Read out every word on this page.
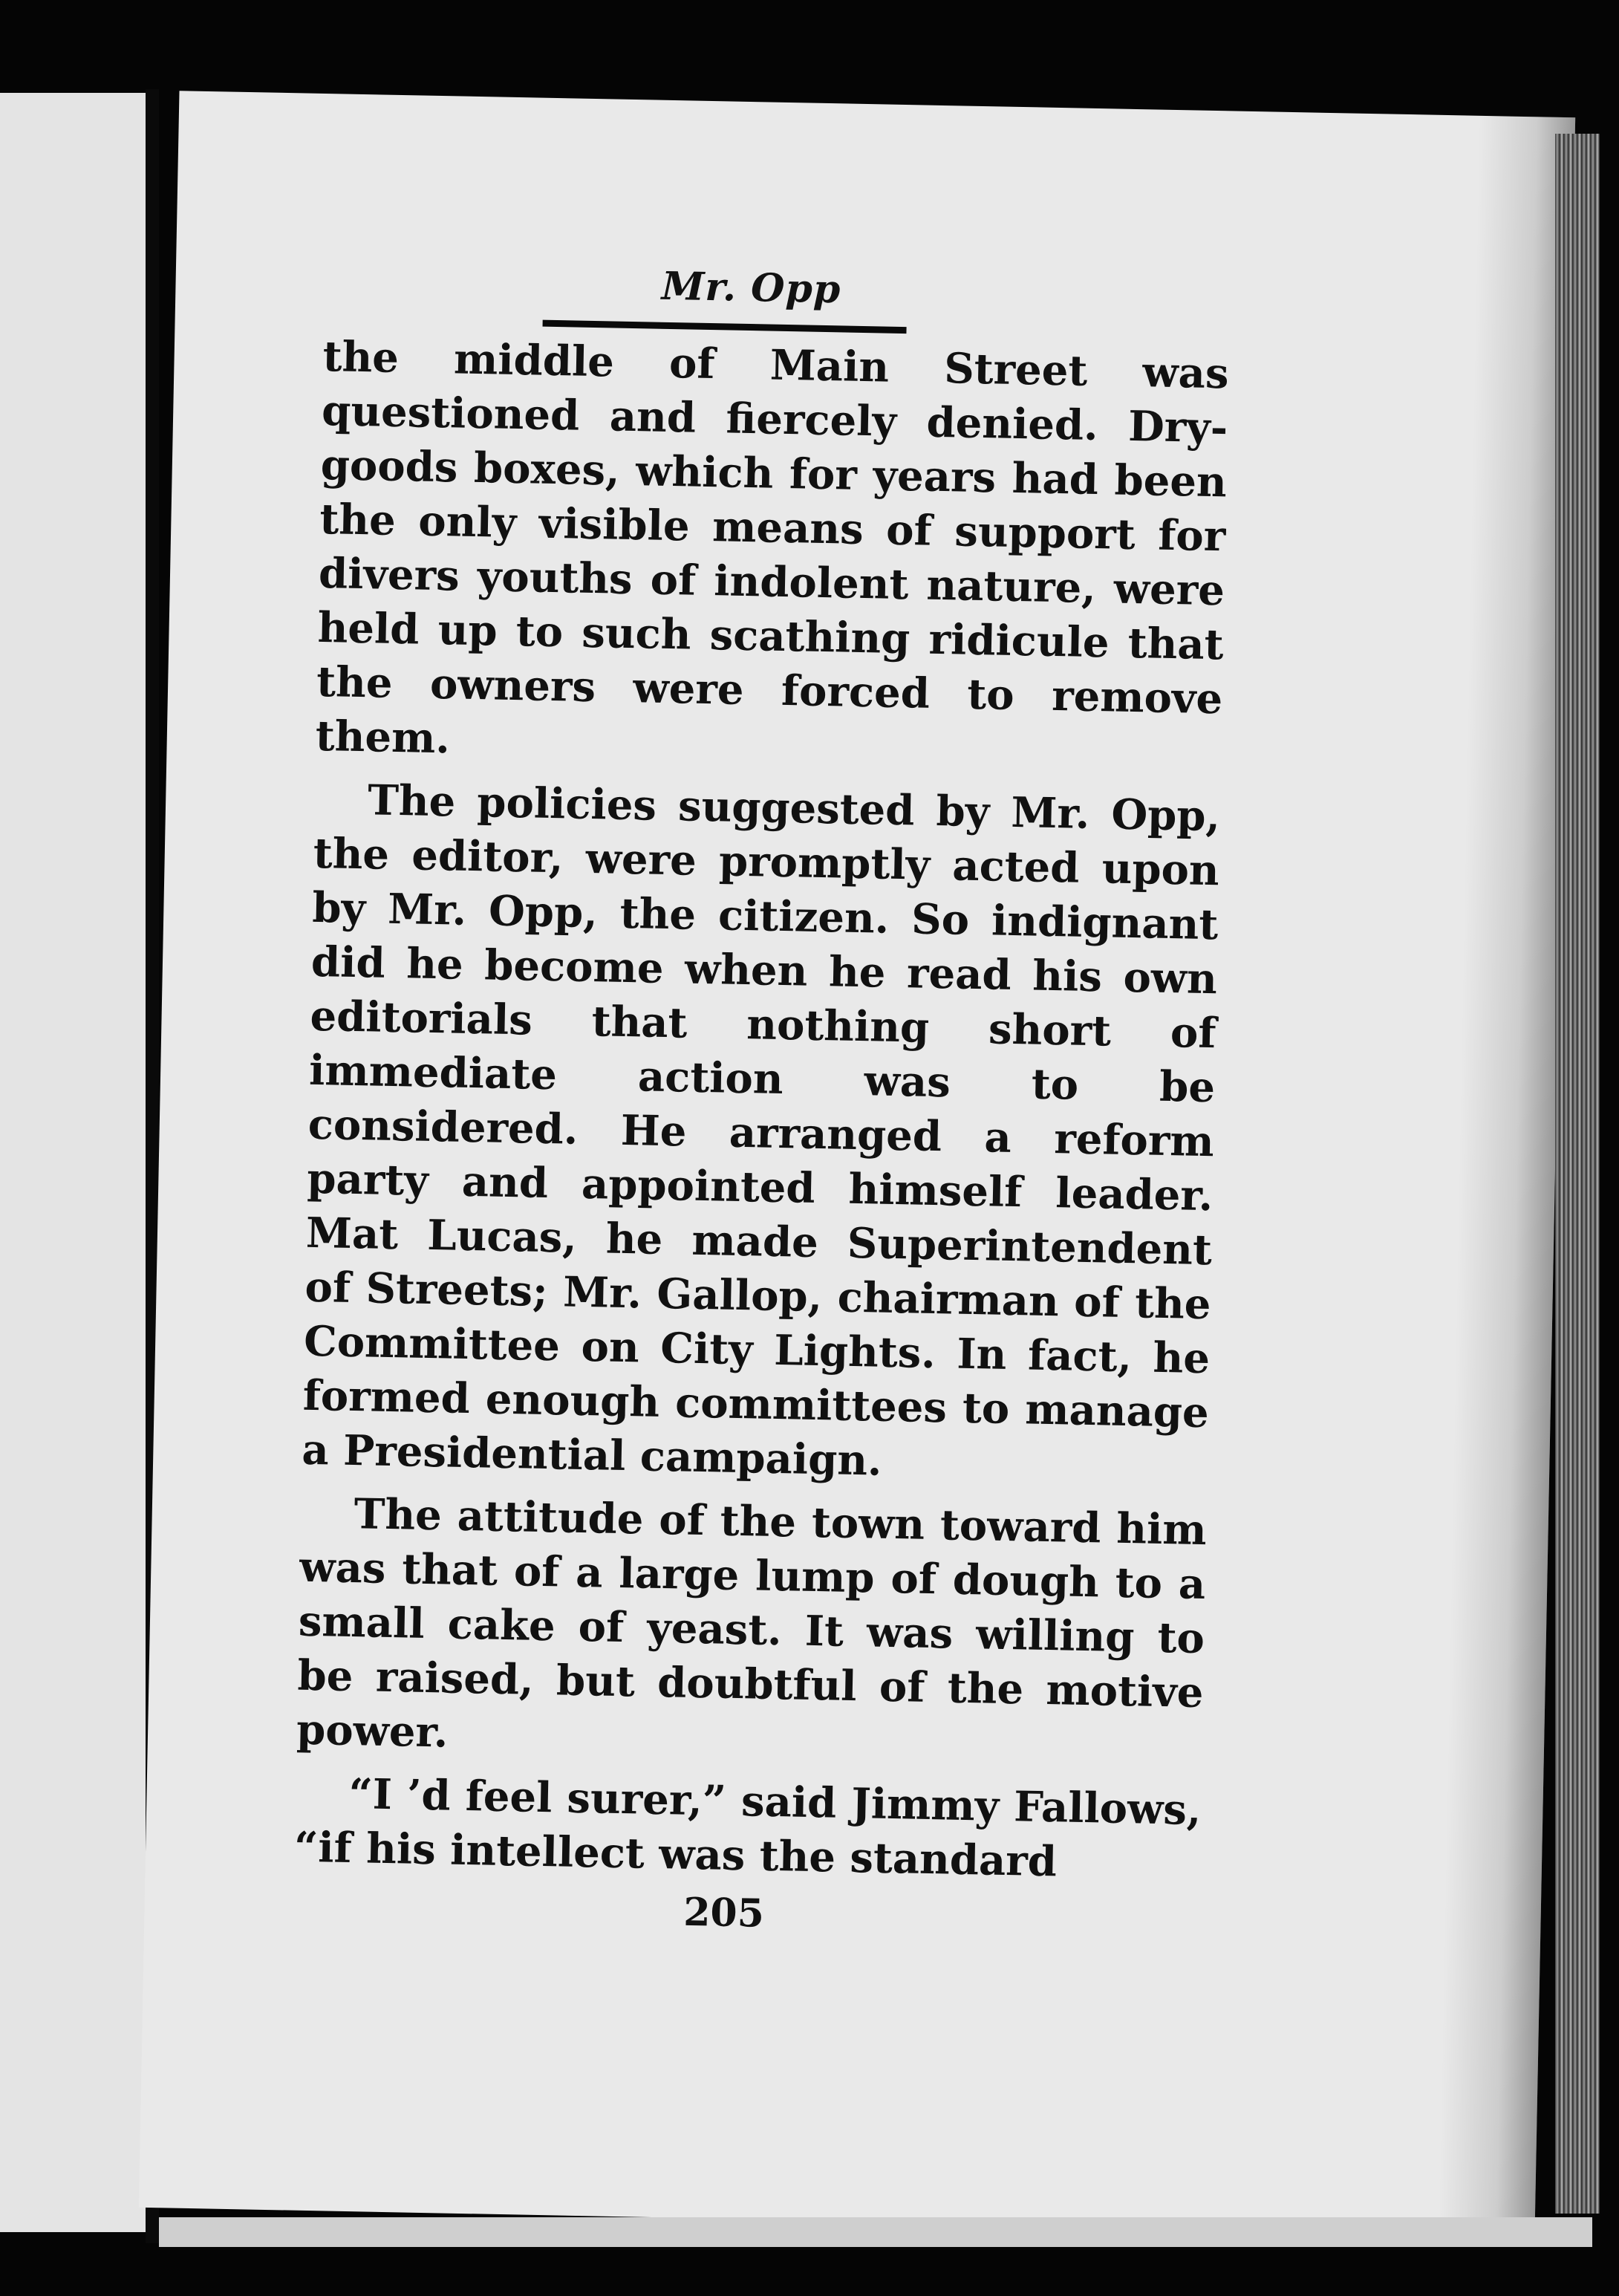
Mr. Opp

the middle of Main Street was questioned and fiercely denied. Dry-goods boxes, which for years had been the only visible means of support for divers youths of indolent nature, were held up to such scathing ridicule that the owners were forced to remove them.

The policies suggested by Mr. Opp, the editor, were promptly acted upon by Mr. Opp, the citizen. So indignant did he become when he read his own editorials that nothing short of immediate action was to be considered. He arranged a reform party and appointed himself leader. Mat Lucas, he made Superintendent of Streets; Mr. Gallop, chairman of the Committee on City Lights. In fact, he formed enough committees to manage a Presidential campaign.

The attitude of the town toward him was that of a large lump of dough to a small cake of yeast. It was willing to be raised, but doubtful of the motive power.

“I ’d feel surer,” said Jimmy Fallows, “if his intellect was the standard

205
